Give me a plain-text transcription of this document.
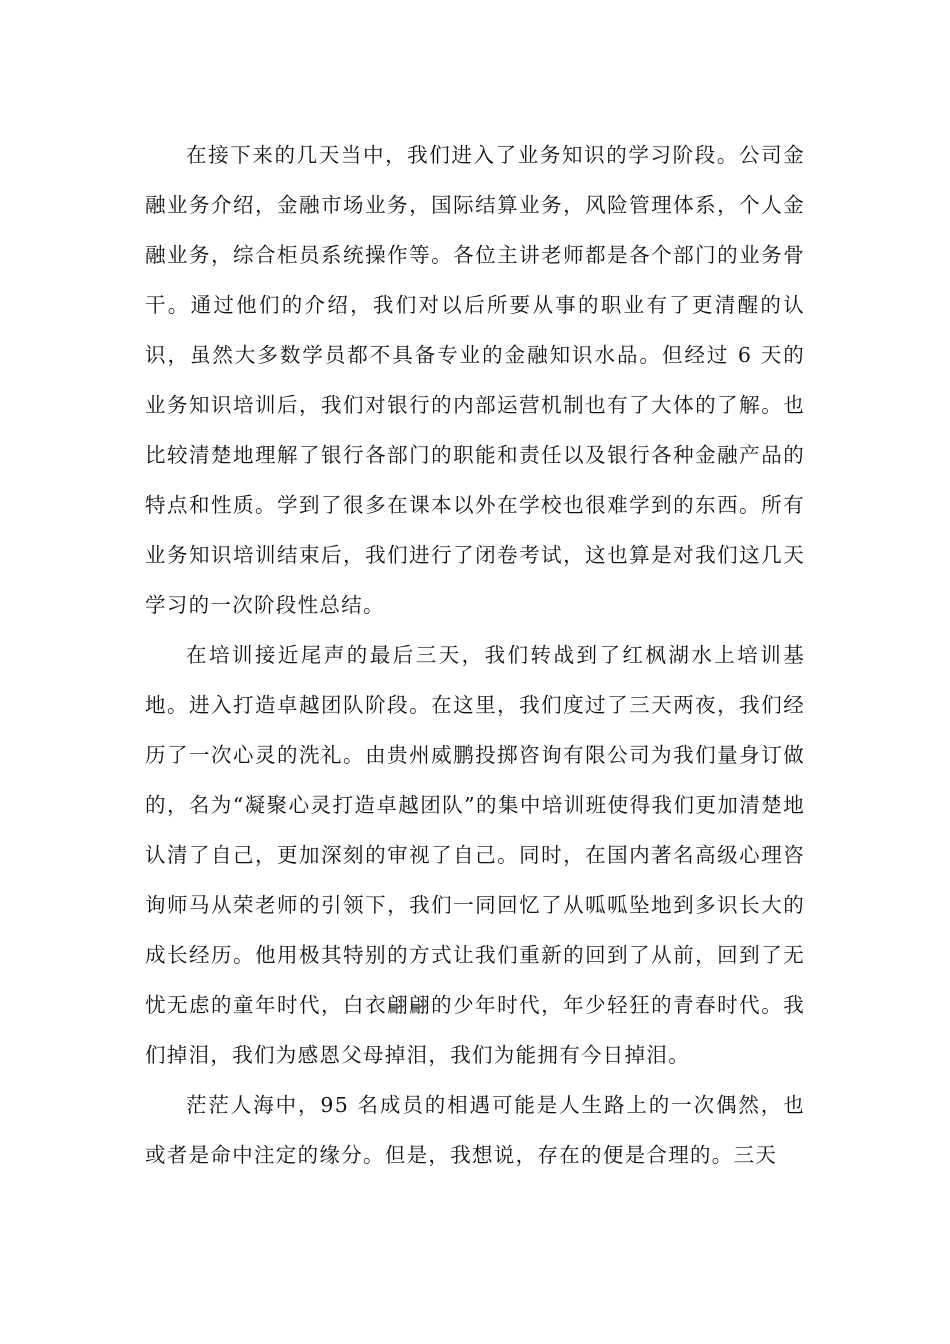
在接下来的几天当中，我们进入了业务知识的学习阶段。公司金融业务介绍，金融市场业务，国际结算业务，风险管理体系，个人金融业务，综合柜员系统操作等。各位主讲老师都是各个部门的业务骨干。通过他们的介绍，我们对以后所要从事的职业有了更清醒的认识，虽然大多数学员都不具备专业的金融知识水品。但经过 6 天的业务知识培训后，我们对银行的内部运营机制也有了大体的了解。也比较清楚地理解了银行各部门的职能和责任以及银行各种金融产品的特点和性质。学到了很多在课本以外在学校也很难学到的东西。所有业务知识培训结束后，我们进行了闭卷考试，这也算是对我们这几天学习的一次阶段性总结。

在培训接近尾声的最后三天，我们转战到了红枫湖水上培训基地。进入打造卓越团队阶段。在这里，我们度过了三天两夜，我们经历了一次心灵的洗礼。由贵州威鹏投掷咨询有限公司为我们量身订做的，名为“凝聚心灵打造卓越团队”的集中培训班使得我们更加清楚地认清了自己，更加深刻的审视了自己。同时，在国内著名高级心理咨询师马从荣老师的引领下，我们一同回忆了从呱呱坠地到多识长大的成长经历。他用极其特别的方式让我们重新的回到了从前，回到了无忧无虑的童年时代，白衣翩翩的少年时代，年少轻狂的青春时代。我们掉泪，我们为感恩父母掉泪，我们为能拥有今日掉泪。

茫茫人海中，95 名成员的相遇可能是人生路上的一次偶然，也或者是命中注定的缘分。但是，我想说，存在的便是合理的。三天
